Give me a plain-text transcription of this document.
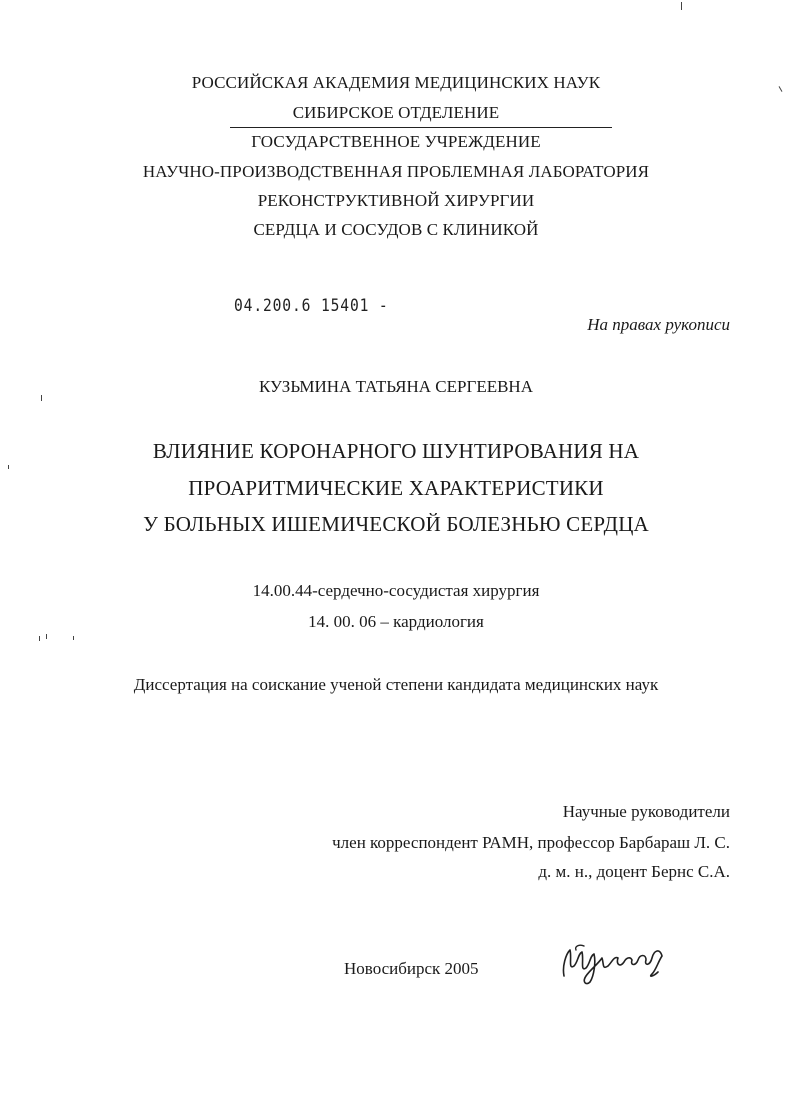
РОССИЙСКАЯ АКАДЕМИЯ МЕДИЦИНСКИХ НАУК
СИБИРСКОЕ ОТДЕЛЕНИЕ
ГОСУДАРСТВЕННОЕ УЧРЕЖДЕНИЕ
НАУЧНО-ПРОИЗВОДСТВЕННАЯ ПРОБЛЕМНАЯ ЛАБОРАТОРИЯ
РЕКОНСТРУКТИВНОЙ ХИРУРГИИ
СЕРДЦА И СОСУДОВ С КЛИНИКОЙ
04.200.6 15401 -
На правах рукописи
КУЗЬМИНА ТАТЬЯНА СЕРГЕЕВНА
ВЛИЯНИЕ КОРОНАРНОГО ШУНТИРОВАНИЯ НА
ПРОАРИТМИЧЕСКИЕ ХАРАКТЕРИСТИКИ
У БОЛЬНЫХ ИШЕМИЧЕСКОЙ БОЛЕЗНЬЮ СЕРДЦА
14.00.44-сердечно-сосудистая хирургия
14. 00. 06 – кардиология
Диссертация на соискание ученой степени кандидата медицинских наук
Научные руководители
член корреспондент РАМН, профессор Барбараш Л. С.
д. м. н., доцент Бернс С.А.
Новосибирск 2005
